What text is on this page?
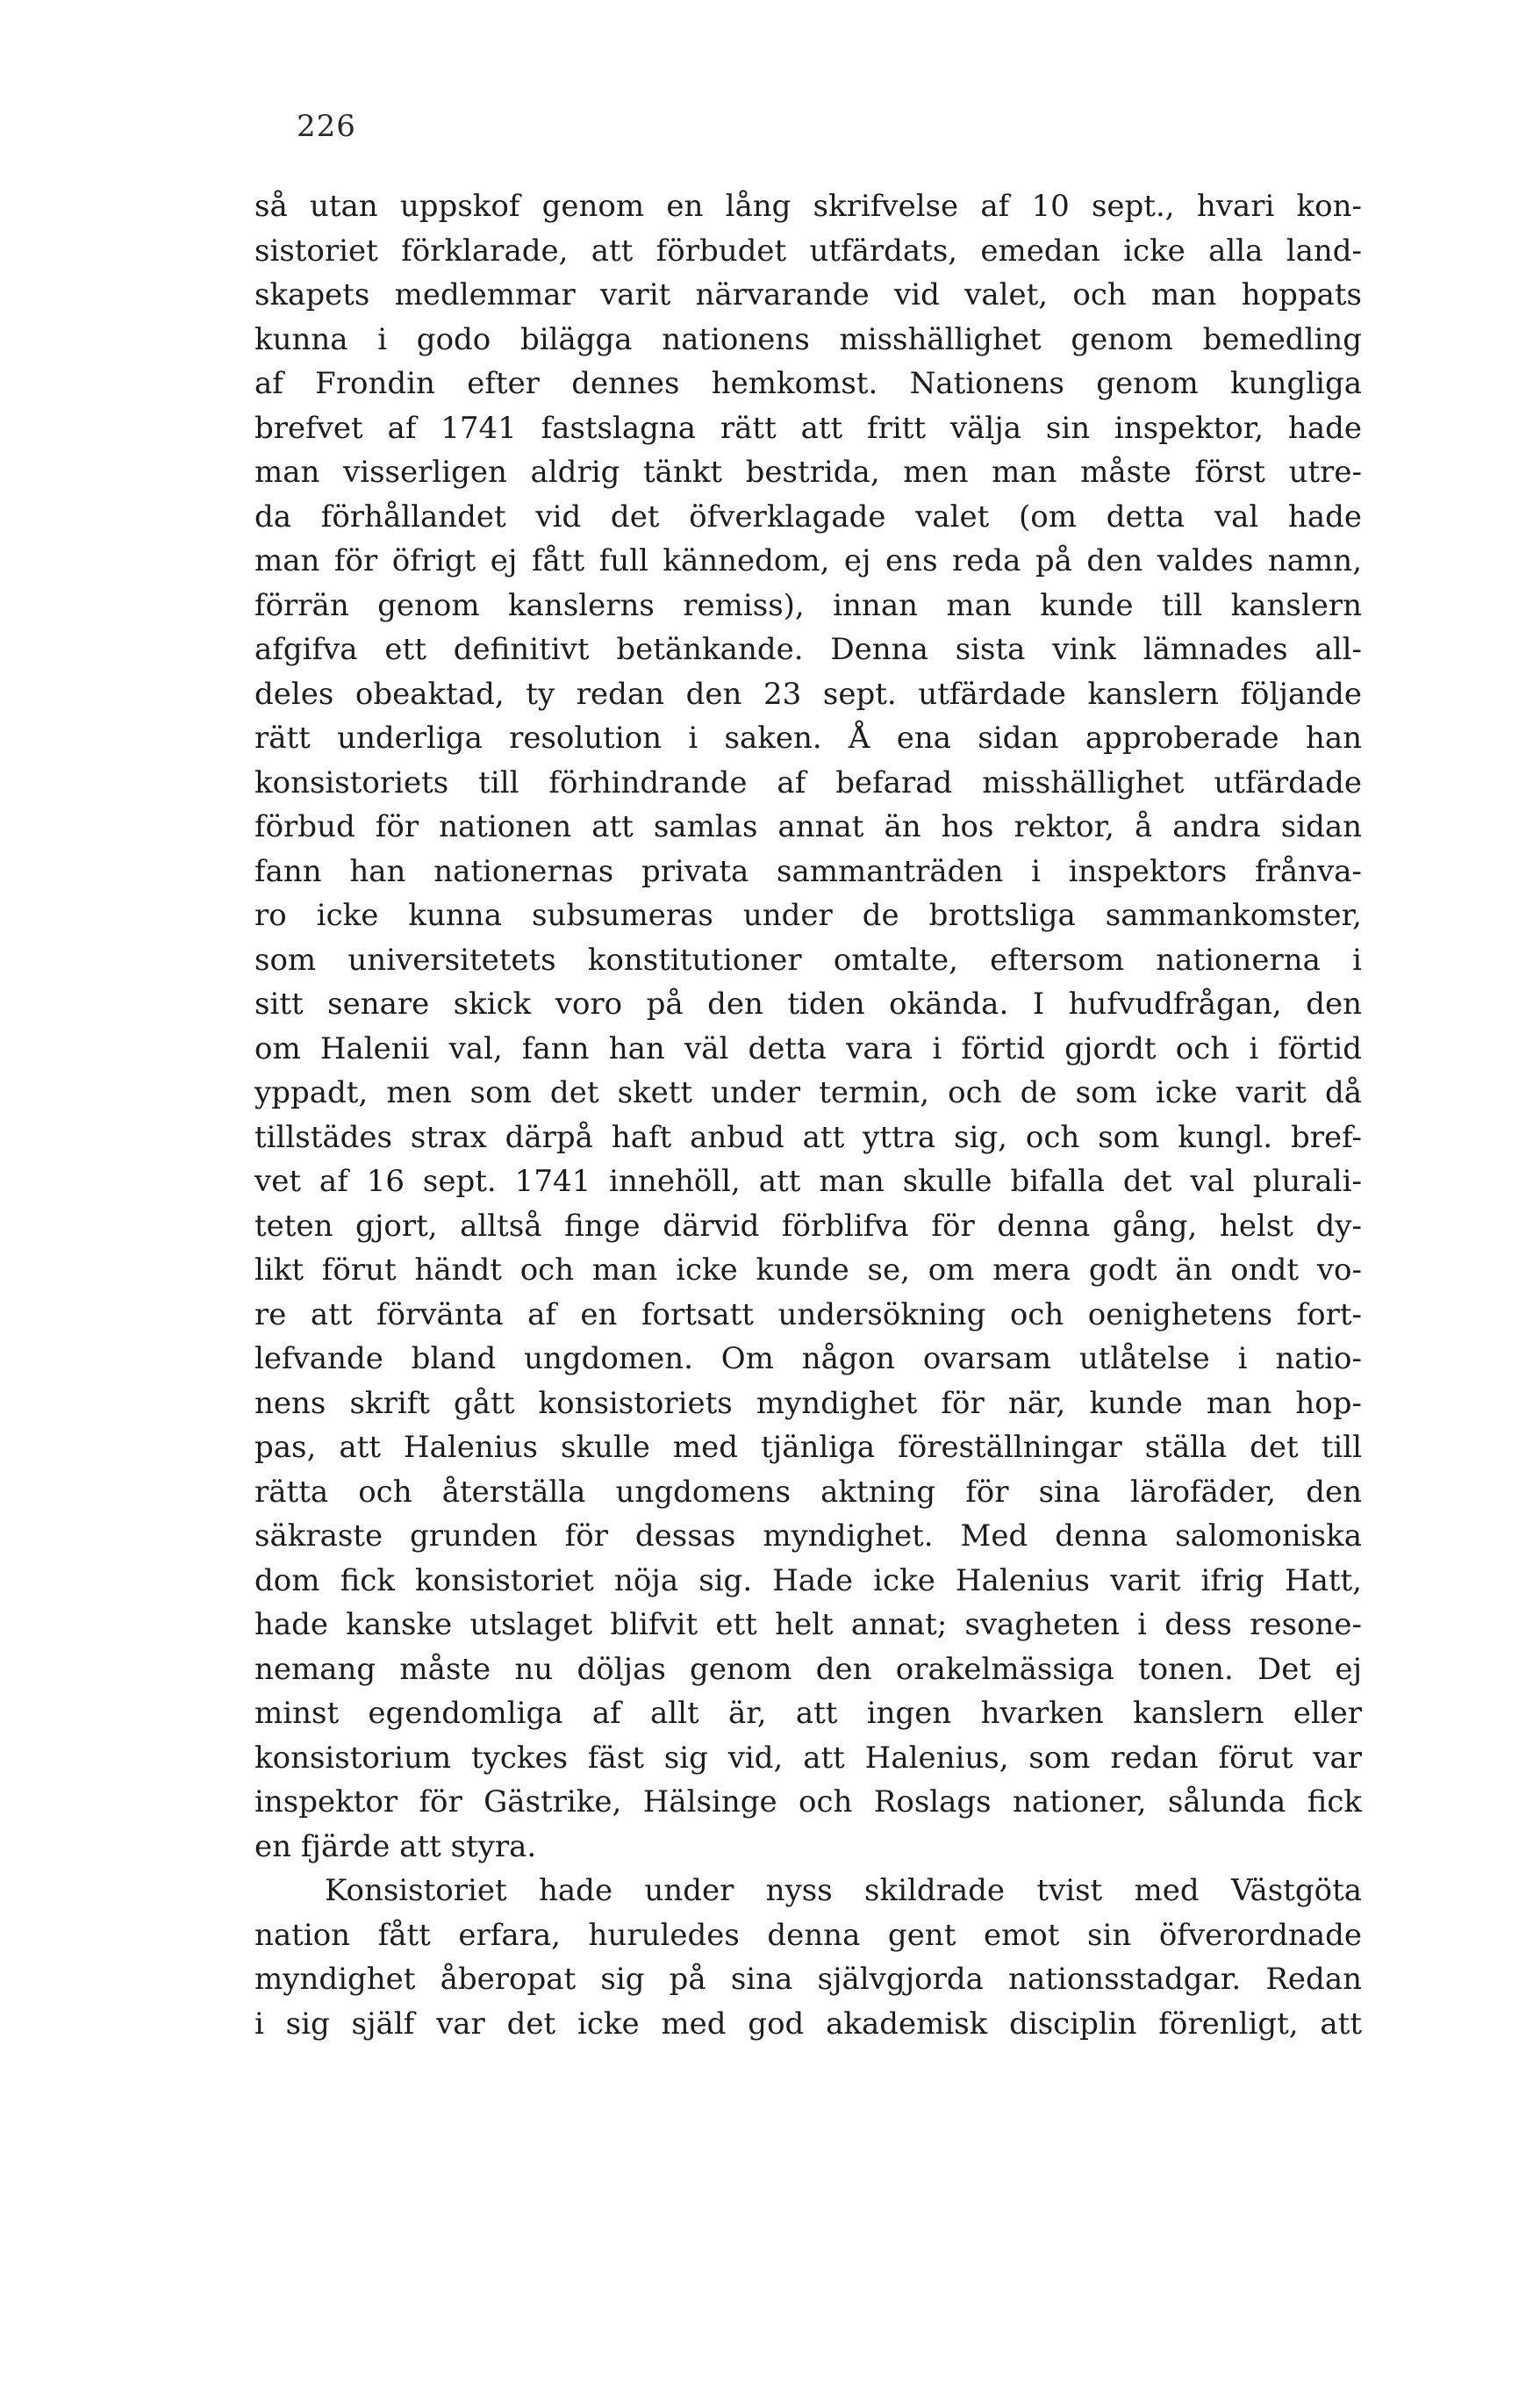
226
så utan uppskof genom en lång skrifvelse af 10 sept., hvari kon-
sistoriet förklarade, att förbudet utfärdats, emedan icke alla land-
skapets medlemmar varit närvarande vid valet, och man hoppats
kunna i godo bilägga nationens misshällighet genom bemedling
af Frondin efter dennes hemkomst. Nationens genom kungliga
brefvet af 1741 fastslagna rätt att fritt välja sin inspektor, hade
man visserligen aldrig tänkt bestrida, men man måste först utre-
da förhållandet vid det öfverklagade valet (om detta val hade
man för öfrigt ej fått full kännedom, ej ens reda på den valdes namn,
förrän genom kanslerns remiss), innan man kunde till kanslern
afgifva ett definitivt betänkande. Denna sista vink lämnades all-
deles obeaktad, ty redan den 23 sept. utfärdade kanslern följande
rätt underliga resolution i saken. Å ena sidan approberade han
konsistoriets till förhindrande af befarad misshällighet utfärdade
förbud för nationen att samlas annat än hos rektor, å andra sidan
fann han nationernas privata sammanträden i inspektors frånva-
ro icke kunna subsumeras under de brottsliga sammankomster,
som universitetets konstitutioner omtalte, eftersom nationerna i
sitt senare skick voro på den tiden okända. I hufvudfrågan, den
om Halenii val, fann han väl detta vara i förtid gjordt och i förtid
yppadt, men som det skett under termin, och de som icke varit då
tillstädes strax därpå haft anbud att yttra sig, och som kungl. bref-
vet af 16 sept. 1741 innehöll, att man skulle bifalla det val plurali-
teten gjort, alltså finge därvid förblifva för denna gång, helst dy-
likt förut händt och man icke kunde se, om mera godt än ondt vo-
re att förvänta af en fortsatt undersökning och oenighetens fort-
lefvande bland ungdomen. Om någon ovarsam utlåtelse i natio-
nens skrift gått konsistoriets myndighet för när, kunde man hop-
pas, att Halenius skulle med tjänliga föreställningar ställa det till
rätta och återställa ungdomens aktning för sina lärofäder, den
säkraste grunden för dessas myndighet. Med denna salomoniska
dom fick konsistoriet nöja sig. Hade icke Halenius varit ifrig Hatt,
hade kanske utslaget blifvit ett helt annat; svagheten i dess resone-
nemang måste nu döljas genom den orakelmässiga tonen. Det ej
minst egendomliga af allt är, att ingen hvarken kanslern eller
konsistorium tyckes fäst sig vid, att Halenius, som redan förut var
inspektor för Gästrike, Hälsinge och Roslags nationer, sålunda fick
en fjärde att styra.
Konsistoriet hade under nyss skildrade tvist med Västgöta
nation fått erfara, huruledes denna gent emot sin öfverordnade
myndighet åberopat sig på sina självgjorda nationsstadgar. Redan
i sig själf var det icke med god akademisk disciplin förenligt, att
